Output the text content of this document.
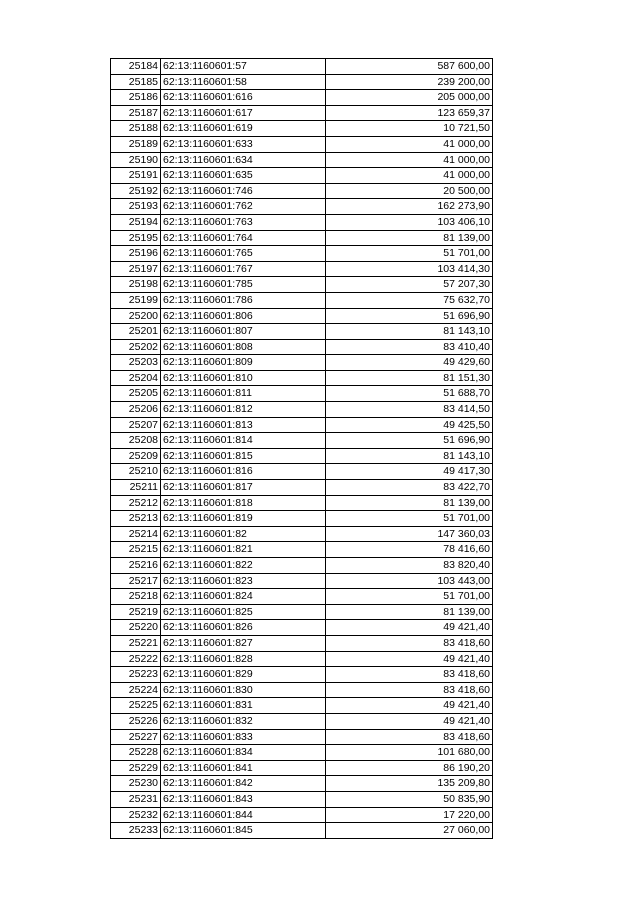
25184	62:13:1160601:57	587 600,00
25185	62:13:1160601:58	239 200,00
25186	62:13:1160601:616	205 000,00
25187	62:13:1160601:617	123 659,37
25188	62:13:1160601:619	10 721,50
25189	62:13:1160601:633	41 000,00
25190	62:13:1160601:634	41 000,00
25191	62:13:1160601:635	41 000,00
25192	62:13:1160601:746	20 500,00
25193	62:13:1160601:762	162 273,90
25194	62:13:1160601:763	103 406,10
25195	62:13:1160601:764	81 139,00
25196	62:13:1160601:765	51 701,00
25197	62:13:1160601:767	103 414,30
25198	62:13:1160601:785	57 207,30
25199	62:13:1160601:786	75 632,70
25200	62:13:1160601:806	51 696,90
25201	62:13:1160601:807	81 143,10
25202	62:13:1160601:808	83 410,40
25203	62:13:1160601:809	49 429,60
25204	62:13:1160601:810	81 151,30
25205	62:13:1160601:811	51 688,70
25206	62:13:1160601:812	83 414,50
25207	62:13:1160601:813	49 425,50
25208	62:13:1160601:814	51 696,90
25209	62:13:1160601:815	81 143,10
25210	62:13:1160601:816	49 417,30
25211	62:13:1160601:817	83 422,70
25212	62:13:1160601:818	81 139,00
25213	62:13:1160601:819	51 701,00
25214	62:13:1160601:82	147 360,03
25215	62:13:1160601:821	78 416,60
25216	62:13:1160601:822	83 820,40
25217	62:13:1160601:823	103 443,00
25218	62:13:1160601:824	51 701,00
25219	62:13:1160601:825	81 139,00
25220	62:13:1160601:826	49 421,40
25221	62:13:1160601:827	83 418,60
25222	62:13:1160601:828	49 421,40
25223	62:13:1160601:829	83 418,60
25224	62:13:1160601:830	83 418,60
25225	62:13:1160601:831	49 421,40
25226	62:13:1160601:832	49 421,40
25227	62:13:1160601:833	83 418,60
25228	62:13:1160601:834	101 680,00
25229	62:13:1160601:841	86 190,20
25230	62:13:1160601:842	135 209,80
25231	62:13:1160601:843	50 835,90
25232	62:13:1160601:844	17 220,00
25233	62:13:1160601:845	27 060,00
